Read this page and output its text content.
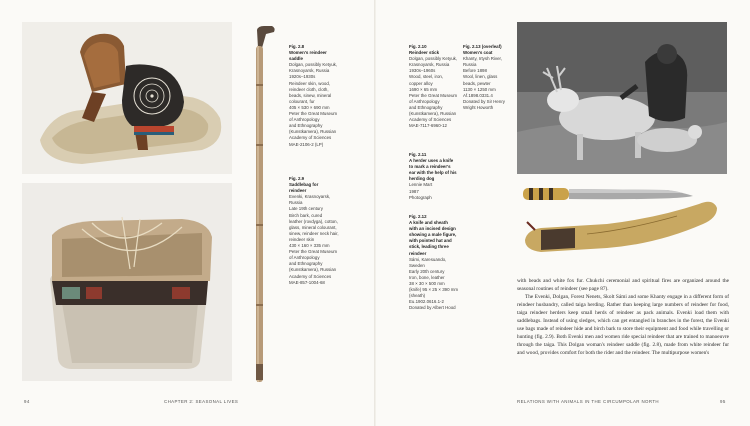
Fig. 2.8
Women's reindeer
saddle
Dolgan, possibly Ketyuk,
Krasnoyarsk, Russia
1920s–1930s
Reindeer skin, wood,
reindeer cloth, cloth,
beads, sinew, mineral
colourant, fur
405 × 530 × 690 mm
Peter the Great Museum
of Anthropology
and Ethnography
(Kunstkamera), Russian
Academy of Sciences
MAE-2106-2 (LP)
Fig. 2.9
Saddlebag for
reindeer
Evenki, Krasnoyarsk,
Russia
Late 19th century
Birch bark, cured
leather (rovdyga), cotton,
glass, mineral colourant,
sinew, reindeer neck hair,
reindeer skin
430 × 160 × 335 mm
Peter the Great Museum
of Anthropology
and Ethnography
(Kunstkamera), Russian
Academy of Sciences
MAE-857-1004-68
Fig. 2.10
Reindeer stick
Dolgan, possibly Ketyuk,
Krasnoyarsk, Russia
1930s–1960s
Wood, steel, iron,
copper alloy
1690 × 65 mm
Peter the Great Museum
of Anthropology
and Ethnography
(Kunstkamera), Russian
Academy of Sciences
MAE-7117-6960-12
Fig. 2.11
A herder uses a knife
to mark a reindeer's
ear with the help of his
herding dog
Lennie Mart
1987
Photograph
Fig. 2.12
A knife and sheath
with an incised design
showing a male figure,
with pointed hat and
stick, leading three
reindeer
Sámi, Karesuando,
Sweden
Early 20th century
Iron, bone, leather
38 × 30 × 500 mm
(knife) 95 × 25 × 390 mm
(sheath)
Eu.1902.0616.1-2
Donated by Albert Hood
Fig. 2.13 (overleaf)
Women's coat
Khanty, Irtysh River,
Russia
Before 1898
Wool, linen, glass
beads, pewter
1130 × 1250 mm
Af.1898.0331.4
Donated by Sir Henry
Wright Howorth

with beads and white fox fur. Chukchi ceremonial and spiritual fires are organized around the seasonal routines of reindeer (see page 87).

The Evenki, Dolgan, Forest Nenets, Skolt Sámi and some Khanty engage in a different form of reindeer husbandry, called taiga herding. Rather than keeping large numbers of reindeer for food, taiga reindeer herders keep small herds of reindeer as pack animals. Evenki load them with saddlebags. Instead of using sledges, which can get entangled in branches in the forest, the Evenki use bags made of reindeer hide and birch bark to store their equipment and food while travelling or hunting (fig. 2.9). Both Evenki men and women ride special reindeer that are trained to manoeuvre through the taiga. This Dolgan woman's reindeer saddle (fig. 2.8), made from white reindeer fur and wood, provides comfort for both the rider and the reindeer. The multipurpose women's

94	CHAPTER 2: SEASONAL LIVES	RELATIONS WITH ANIMALS IN THE CIRCUMPOLAR NORTH	95
